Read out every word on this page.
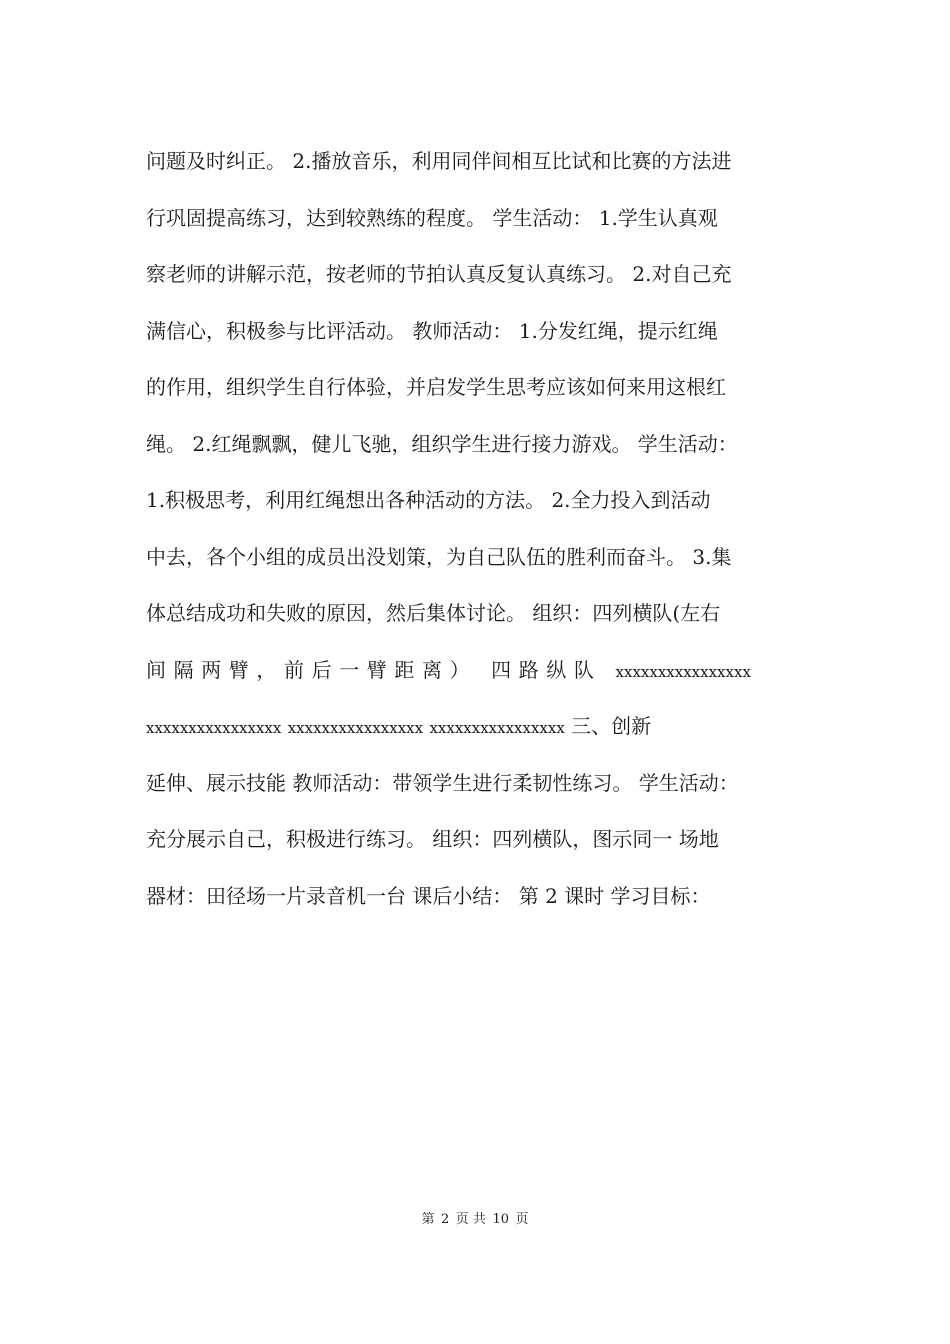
问题及时纠正。 2.播放音乐，利用同伴间相互比试和比赛的方法进
行巩固提高练习，达到较熟练的程度。 学生活动： 1.学生认真观
察老师的讲解示范，按老师的节拍认真反复认真练习。 2.对自己充
满信心，积极参与比评活动。 教师活动： 1.分发红绳，提示红绳
的作用，组织学生自行体验，并启发学生思考应该如何来用这根红
绳。 2.红绳飘飘，健儿飞驰，组织学生进行接力游戏。 学生活动：
1.积极思考，利用红绳想出各种活动的方法。 2.全力投入到活动
中去，各个小组的成员出没划策，为自己队伍的胜利而奋斗。 3.集
体总结成功和失败的原因，然后集体讨论。 组织：四列横队(左右
间隔两臂，前后一臂距离） 四路纵队 xxxxxxxxxxxxxxxx
xxxxxxxxxxxxxxxx xxxxxxxxxxxxxxxx xxxxxxxxxxxxxxxx 三、创新
延伸、展示技能 教师活动：带领学生进行柔韧性练习。 学生活动：
充分展示自己，积极进行练习。 组织：四列横队，图示同一 场地
器材：田径场一片录音机一台 课后小结： 第 2 课时 学习目标：
第 2 页 共 10 页
